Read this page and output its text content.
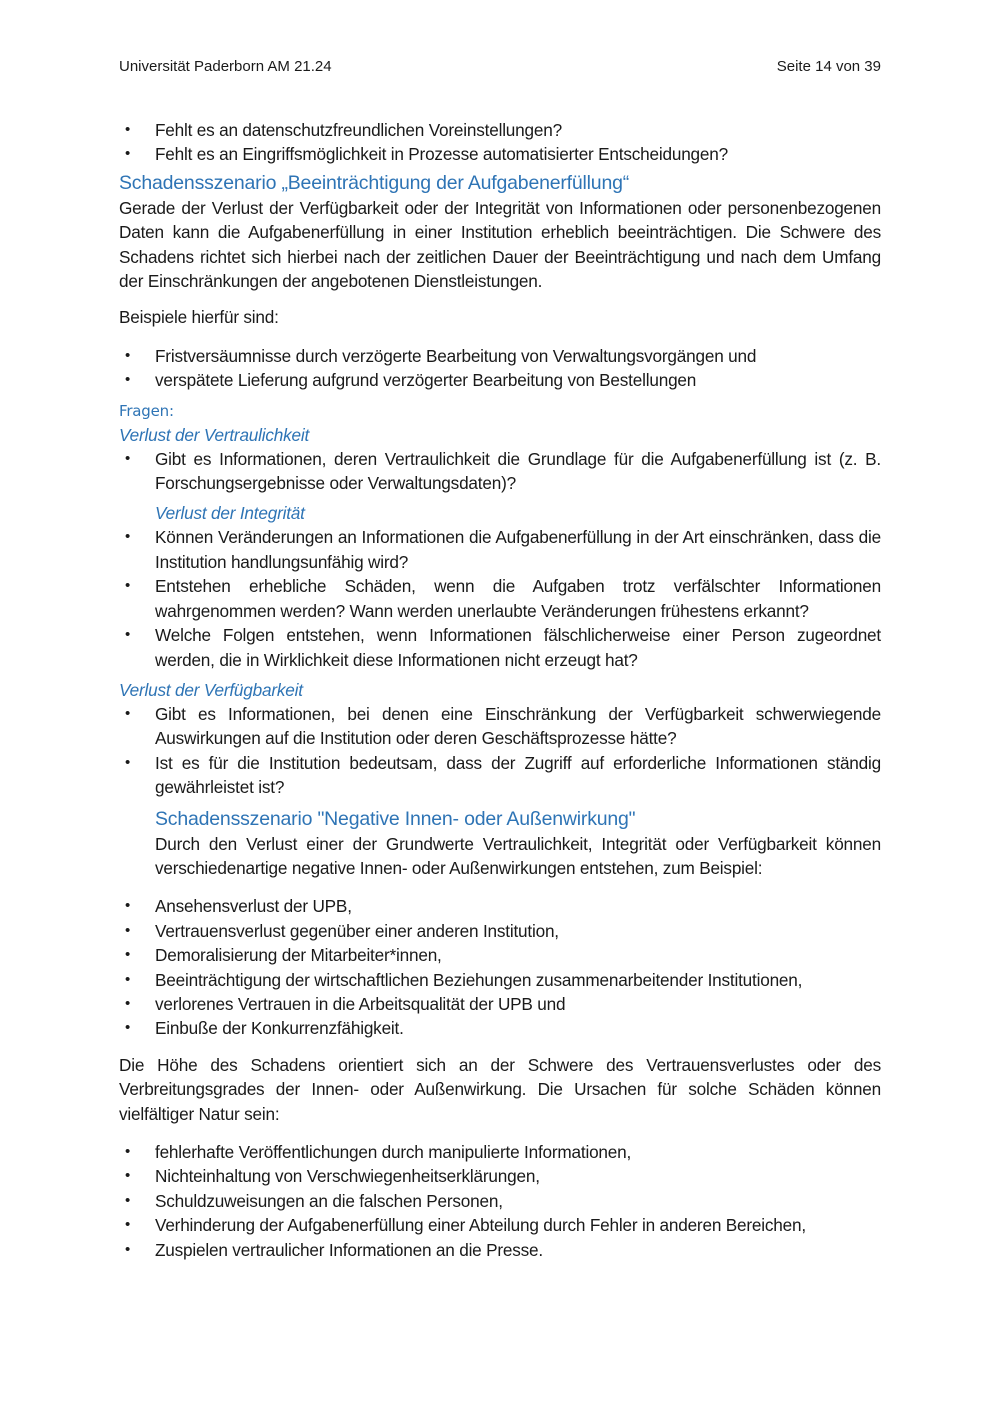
Universität Paderborn AM 21.24	Seite 14 von 39
• Fehlt es an datenschutzfreundlichen Voreinstellungen?
• Fehlt es an Eingriffsmöglichkeit in Prozesse automatisierter Entscheidungen?
Schadensszenario „Beeinträchtigung der Aufgabenerfüllung“

Gerade der Verlust der Verfügbarkeit oder der Integrität von Informationen oder personenbezogenen Daten kann die Aufgabenerfüllung in einer Institution erheblich beeinträchtigen. Die Schwere des Schadens richtet sich hierbei nach der zeitlichen Dauer der Beeinträchtigung und nach dem Umfang der Einschränkungen der angebotenen Dienstleistungen.

Beispiele hierfür sind:

• Fristversäumnisse durch verzögerte Bearbeitung von Verwaltungsvorgängen und
• verspätete Lieferung aufgrund verzögerter Bearbeitung von Bestellungen
Fragen:
Verlust der Vertraulichkeit
• Gibt es Informationen, deren Vertraulichkeit die Grundlage für die Aufgabenerfüllung ist (z. B. Forschungsergebnisse oder Verwaltungsdaten)?
Verlust der Integrität
• Können Veränderungen an Informationen die Aufgabenerfüllung in der Art einschränken, dass die Institution handlungsunfähig wird?
• Entstehen erhebliche Schäden, wenn die Aufgaben trotz verfälschter Informationen wahrgenommen werden? Wann werden unerlaubte Veränderungen frühestens erkannt?
• Welche Folgen entstehen, wenn Informationen fälschlicherweise einer Person zugeordnet werden, die in Wirklichkeit diese Informationen nicht erzeugt hat?
Verlust der Verfügbarkeit
• Gibt es Informationen, bei denen eine Einschränkung der Verfügbarkeit schwerwiegende Auswirkungen auf die Institution oder deren Geschäftsprozesse hätte?
• Ist es für die Institution bedeutsam, dass der Zugriff auf erforderliche Informationen ständig gewährleistet ist?
Schadensszenario "Negative Innen- oder Außenwirkung"

Durch den Verlust einer der Grundwerte Vertraulichkeit, Integrität oder Verfügbarkeit können verschiedenartige negative Innen- oder Außenwirkungen entstehen, zum Beispiel:

• Ansehensverlust der UPB,
• Vertrauensverlust gegenüber einer anderen Institution,
• Demoralisierung der Mitarbeiter*innen,
• Beeinträchtigung der wirtschaftlichen Beziehungen zusammenarbeitender Institutionen,
• verlorenes Vertrauen in die Arbeitsqualität der UPB und
• Einbuße der Konkurrenzfähigkeit.

Die Höhe des Schadens orientiert sich an der Schwere des Vertrauensverlustes oder des Verbreitungsgrades der Innen- oder Außenwirkung. Die Ursachen für solche Schäden können vielfältiger Natur sein:

• fehlerhafte Veröffentlichungen durch manipulierte Informationen,
• Nichteinhaltung von Verschwiegenheitserklärungen,
• Schuldzuweisungen an die falschen Personen,
• Verhinderung der Aufgabenerfüllung einer Abteilung durch Fehler in anderen Bereichen,
• Zuspielen vertraulicher Informationen an die Presse.
